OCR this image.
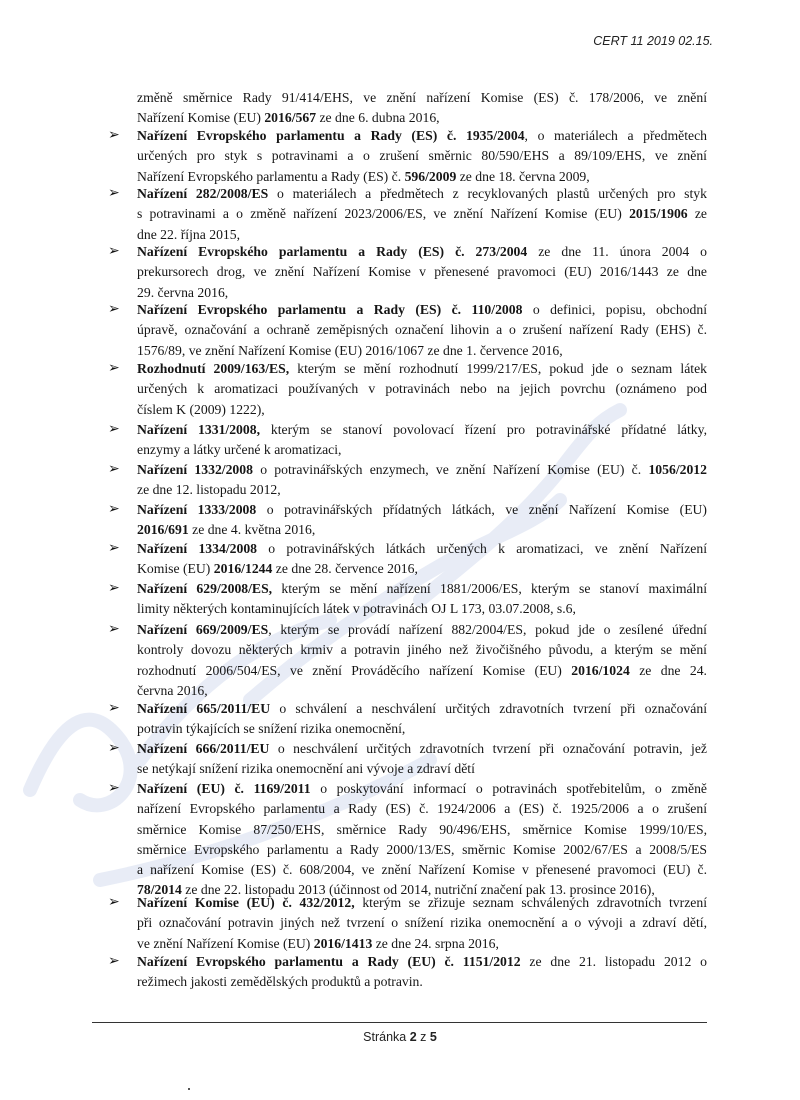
CERT 11 2019 02.15.
změně směrnice Rady 91/414/EHS, ve znění nařízení Komise (ES) č. 178/2006, ve znění
Nařízení Komise (EU) 2016/567 ze dne 6. dubna 2016,
➢ Nařízení Evropského parlamentu a Rady (ES) č. 1935/2004, o materiálech a předmětech
určených pro styk s potravinami a o zrušení směrnic 80/590/EHS a 89/109/EHS, ve znění
Nařízení Evropského parlamentu a Rady (ES) č. 596/2009 ze dne 18. června 2009,
➢ Nařízení 282/2008/ES o materiálech a předmětech z recyklovaných plastů určených pro styk
s potravinami a o změně nařízení 2023/2006/ES, ve znění Nařízení Komise (EU) 2015/1906 ze
dne 22. října 2015,
➢ Nařízení Evropského parlamentu a Rady (ES) č. 273/2004 ze dne 11. února 2004 o
prekursorech drog, ve znění Nařízení Komise v přenesené pravomoci (EU) 2016/1443 ze dne
29. června 2016,
➢ Nařízení Evropského parlamentu a Rady (ES) č. 110/2008 o definici, popisu, obchodní
úpravě, označování a ochraně zeměpisných označení lihovin a o zrušení nařízení Rady (EHS) č.
1576/89, ve znění Nařízení Komise (EU) 2016/1067 ze dne 1. července 2016,
➢ Rozhodnutí 2009/163/ES, kterým se mění rozhodnutí 1999/217/ES, pokud jde o seznam látek
určených k aromatizaci používaných v potravinách nebo na jejich povrchu (oznámeno pod
číslem K (2009) 1222),
➢ Nařízení 1331/2008, kterým se stanoví povolovací řízení pro potravinářské přídatné látky,
enzymy a látky určené k aromatizaci,
➢ Nařízení 1332/2008 o potravinářských enzymech, ve znění Nařízení Komise (EU) č. 1056/2012
ze dne 12. listopadu 2012,
➢ Nařízení 1333/2008 o potravinářských přídatných látkách, ve znění Nařízení Komise (EU)
2016/691 ze dne 4. května 2016,
➢ Nařízení 1334/2008 o potravinářských látkách určených k aromatizaci, ve znění Nařízení
Komise (EU) 2016/1244 ze dne 28. července 2016,
➢ Nařízení 629/2008/ES, kterým se mění nařízení 1881/2006/ES, kterým se stanoví maximální
limity některých kontaminujících látek v potravinách OJ L 173, 03.07.2008, s.6,
➢ Nařízení 669/2009/ES, kterým se provádí nařízení 882/2004/ES, pokud jde o zesílené úřední
kontroly dovozu některých krmiv a potravin jiného než živočišného původu, a kterým se mění
rozhodnutí 2006/504/ES, ve znění Prováděcího nařízení Komise (EU) 2016/1024 ze dne 24.
června 2016,
➢ Nařízení 665/2011/EU o schválení a neschválení určitých zdravotních tvrzení při označování
potravin týkajících se snížení rizika onemocnění,
➢ Nařízení 666/2011/EU o neschválení určitých zdravotních tvrzení při označování potravin, jež
se netýkají snížení rizika onemocnění ani vývoje a zdraví dětí
➢ Nařízení (EU) č. 1169/2011 o poskytování informací o potravinách spotřebitelům, o změně
nařízení Evropského parlamentu a Rady (ES) č. 1924/2006 a (ES) č. 1925/2006 a o zrušení
směrnice Komise 87/250/EHS, směrnice Rady 90/496/EHS, směrnice Komise 1999/10/ES,
směrnice Evropského parlamentu a Rady 2000/13/ES, směrnic Komise 2002/67/ES a 2008/5/ES
a nařízení Komise (ES) č. 608/2004, ve znění Nařízení Komise v přenesené pravomoci (EU) č.
78/2014 ze dne 22. listopadu 2013 (účinnost od 2014, nutriční značení pak 13. prosince 2016),
➢ Nařízení Komise (EU) č. 432/2012, kterým se zřizuje seznam schválených zdravotních tvrzení
při označování potravin jiných než tvrzení o snížení rizika onemocnění a o vývoji a zdraví dětí,
ve znění Nařízení Komise (EU) 2016/1413 ze dne 24. srpna 2016,
➢ Nařízení Evropského parlamentu a Rady (EU) č. 1151/2012 ze dne 21. listopadu 2012 o
režimech jakosti zemědělských produktů a potravin.
Stránka 2 z 5
